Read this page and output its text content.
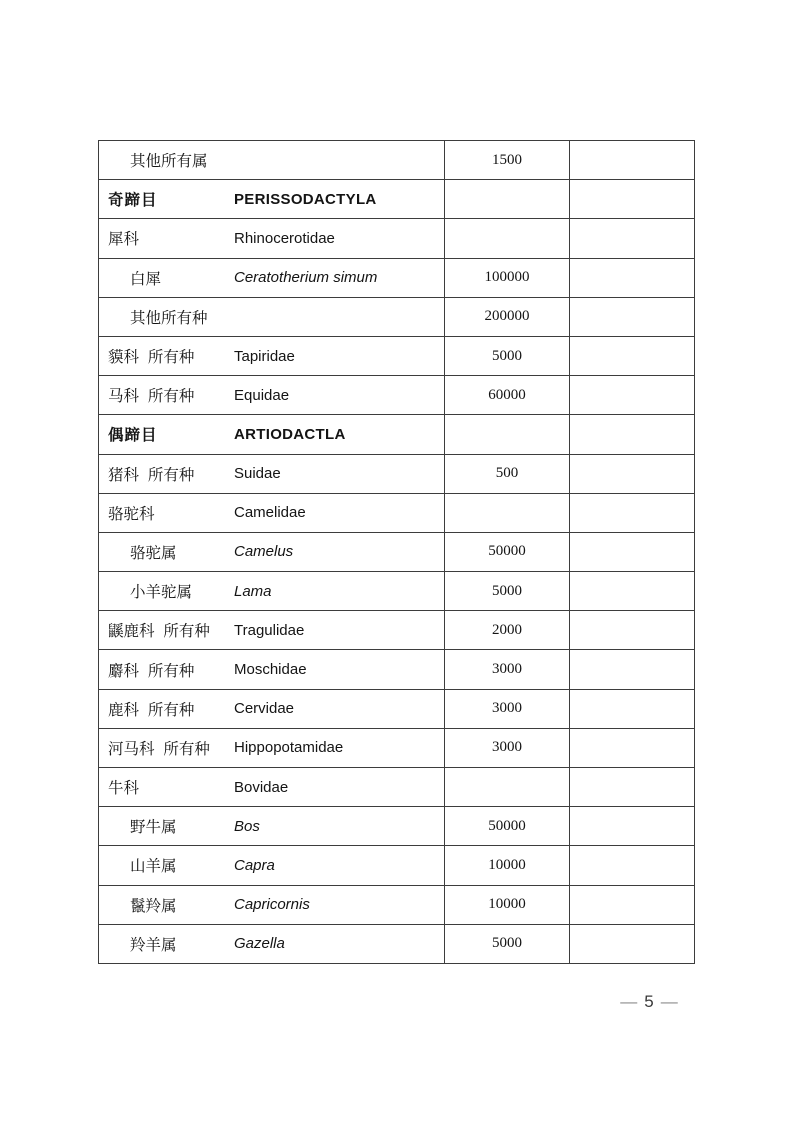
其他所有属	1500	

奇蹄目 PERISSODACTYLA		

犀科 Rhinocerotidae		

白犀 Ceratotherium simum	100000	

其他所有种	200000	

貘科 所有种 Tapiridae	5000	

马科 所有种 Equidae	60000	

偶蹄目 ARTIODACTLA		

猪科 所有种 Suidae	500	

骆驼科 Camelidae		

骆驼属 Camelus	50000	

小羊驼属 Lama	5000	

鼷鹿科 所有种 Tragulidae	2000	

麝科 所有种 Moschidae	3000	

鹿科 所有种 Cervidae	3000	

河马科 所有种 Hippopotamidae	3000	

牛科 Bovidae		

野牛属 Bos	50000	

山羊属 Capra	10000	

鬣羚属 Capricornis	10000	

羚羊属 Gazella	5000	
— 5 —
